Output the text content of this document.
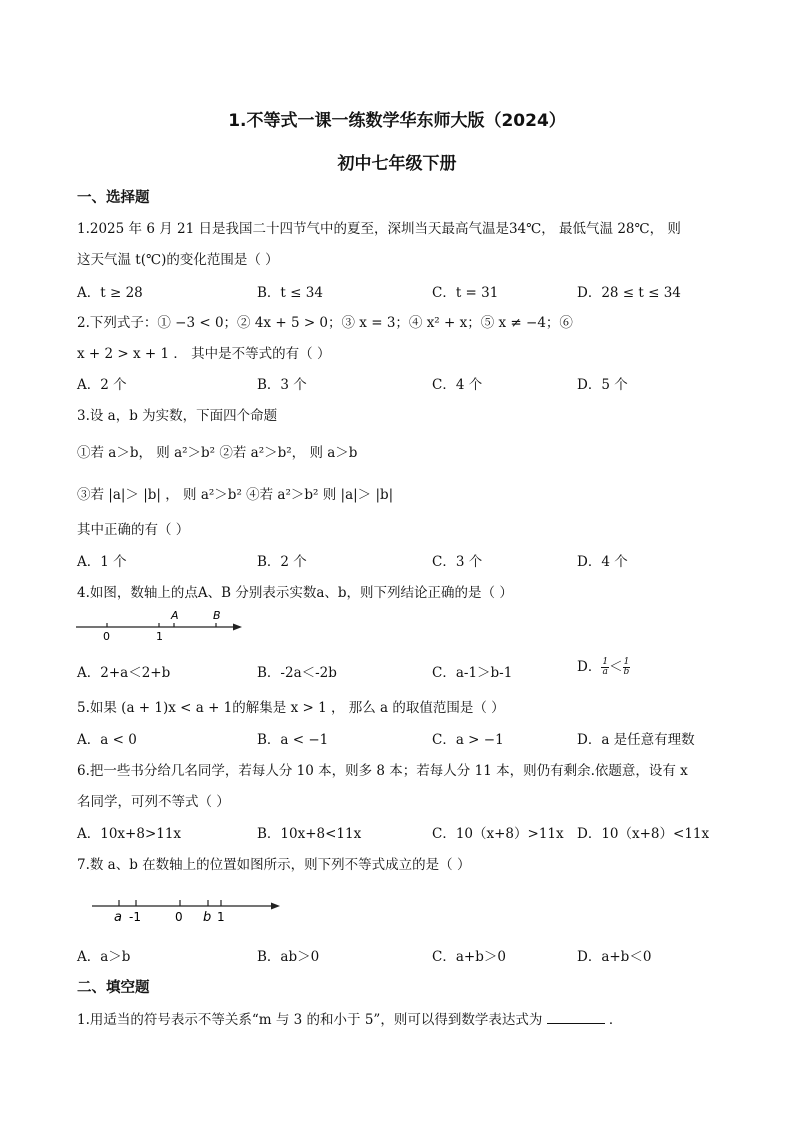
1.不等式一课一练数学华东师大版（2024）
初中七年级下册
一、选择题
1.2025 年 6 月 21 日是我国二十四节气中的夏至，深圳当天最高气温是34℃， 最低气温 28℃， 则
这天气温 t(℃)的变化范围是（ ）
A．t ≥ 28	B．t ≤ 34	C．t = 31	D．28 ≤ t ≤ 34
2.下列式子：① −3 < 0；② 4x + 5 > 0；③ x = 3；④ x² + x；⑤ x ≠ −4；⑥
x + 2 > x + 1 ． 其中是不等式的有（ ）
A．2 个	B．3 个	C．4 个	D．5 个
3.设 a，b 为实数，下面四个命题
①若 a＞b， 则 a²＞b² ②若 a²＞b²， 则 a＞b
③若 |a|＞ |b| ， 则 a²＞b² ④若 a²＞b² 则 |a|＞ |b|
其中正确的有（ ）
A．1 个	B．2 个	C．3 个	D．4 个
4.如图，数轴上的点A、B 分别表示实数a、b，则下列结论正确的是（ ）
0	1
A	B
A．2+a＜2+b	B．-2a＜-2b	C．a-1＞b-1	D． $\frac{1}{a} < \frac{1}{b}$
5.如果 (a + 1)x < a + 1的解集是 x > 1 ， 那么 a 的取值范围是（ ）
A．a < 0	B．a < −1	C．a > −1	D．a 是任意有理数
6.把一些书分给几名同学，若每人分 10 本，则多 8 本；若每人分 11 本，则仍有剩余.依题意，设有 x
名同学，可列不等式（ ）
A．10x+8>11x	B．10x+8<11x	C．10（x+8）>11x D．10（x+8）<11x
7.数 a、b 在数轴上的位置如图所示，则下列不等式成立的是（ ）
a -1	0 b 1
A．a＞b	B．ab＞0	C．a+b＞0	D．a+b＜0
二、填空题
1.用适当的符号表示不等关系“m 与 3 的和小于 5”，则可以得到数学表达式为	．
